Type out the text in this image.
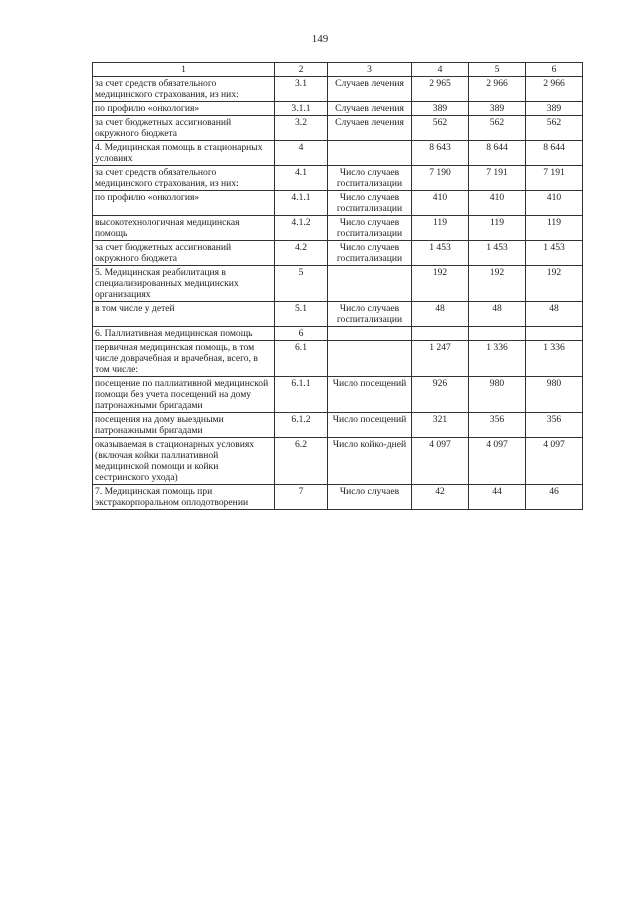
149
1	2	3	4	5	6
за счет средств обязательного медицинского страхования, из них:	3.1	Случаев лечения	2 965	2 966	2 966
по профилю «онкология»	3.1.1	Случаев лечения	389	389	389
за счет бюджетных ассигнований окружного бюджета	3.2	Случаев лечения	562	562	562
4. Медицинская помощь в стационарных условиях	4		8 643	8 644	8 644
за счет средств обязательного медицинского страхования, из них:	4.1	Число случаев госпитализации	7 190	7 191	7 191
по профилю «онкология»	4.1.1	Число случаев госпитализации	410	410	410
высокотехнологичная медицинская помощь	4.1.2	Число случаев госпитализации	119	119	119
за счет бюджетных ассигнований окружного бюджета	4.2	Число случаев госпитализации	1 453	1 453	1 453
5. Медицинская реабилитация в специализированных медицинских организациях	5		192	192	192
в том числе у детей	5.1	Число случаев госпитализации	48	48	48
6. Паллиативная медицинская помощь	6				
первичная медицинская помощь, в том числе доврачебная и врачебная, всего, в том числе:	6.1		1 247	1 336	1 336
посещение по паллиативной медицинской помощи без учета посещений на дому патронажными бригадами	6.1.1	Число посещений	926	980	980
посещения на дому выездными патронажными бригадами	6.1.2	Число посещений	321	356	356
оказываемая в стационарных условиях (включая койки паллиативной медицинской помощи и койки сестринского ухода)	6.2	Число койко-дней	4 097	4 097	4 097
7. Медицинская помощь при экстракорпоральном оплодотворении	7	Число случаев	42	44	46
